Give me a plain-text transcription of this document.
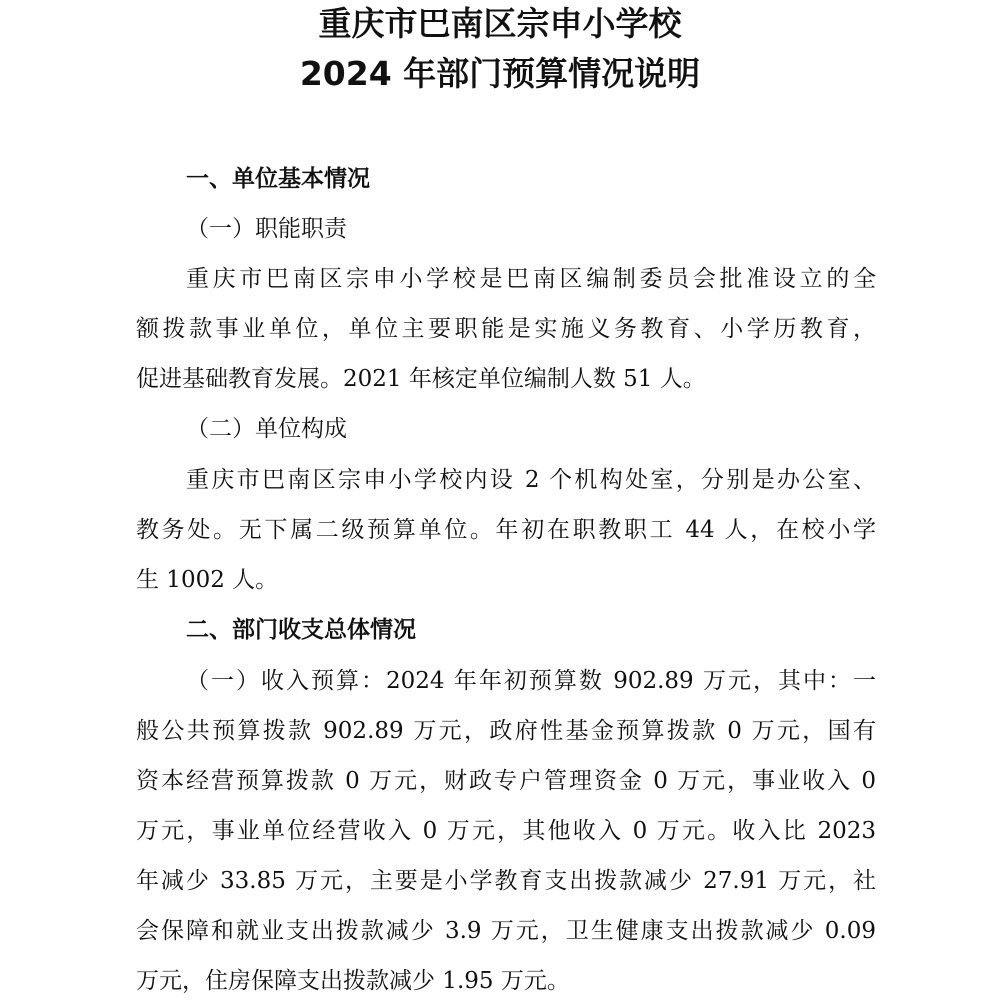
重庆市巴南区宗申小学校
2024 年部门预算情况说明
一、单位基本情况
（一）职能职责
重庆市巴南区宗申小学校是巴南区编制委员会批准设立的全
额拨款事业单位，单位主要职能是实施义务教育、小学历教育，
促进基础教育发展。2021 年核定单位编制人数 51 人。
（二）单位构成
重庆市巴南区宗申小学校内设 2 个机构处室，分别是办公室、
教务处。无下属二级预算单位。年初在职教职工 44 人，在校小学
生 1002 人。
二、部门收支总体情况
（一）收入预算：2024 年年初预算数 902.89 万元，其中：一
般公共预算拨款 902.89 万元，政府性基金预算拨款 0 万元，国有
资本经营预算拨款 0 万元，财政专户管理资金 0 万元，事业收入 0
万元，事业单位经营收入 0 万元，其他收入 0 万元。收入比 2023
年减少 33.85 万元，主要是小学教育支出拨款减少 27.91 万元，社
会保障和就业支出拨款减少 3.9 万元，卫生健康支出拨款减少 0.09
万元，住房保障支出拨款减少 1.95 万元。
